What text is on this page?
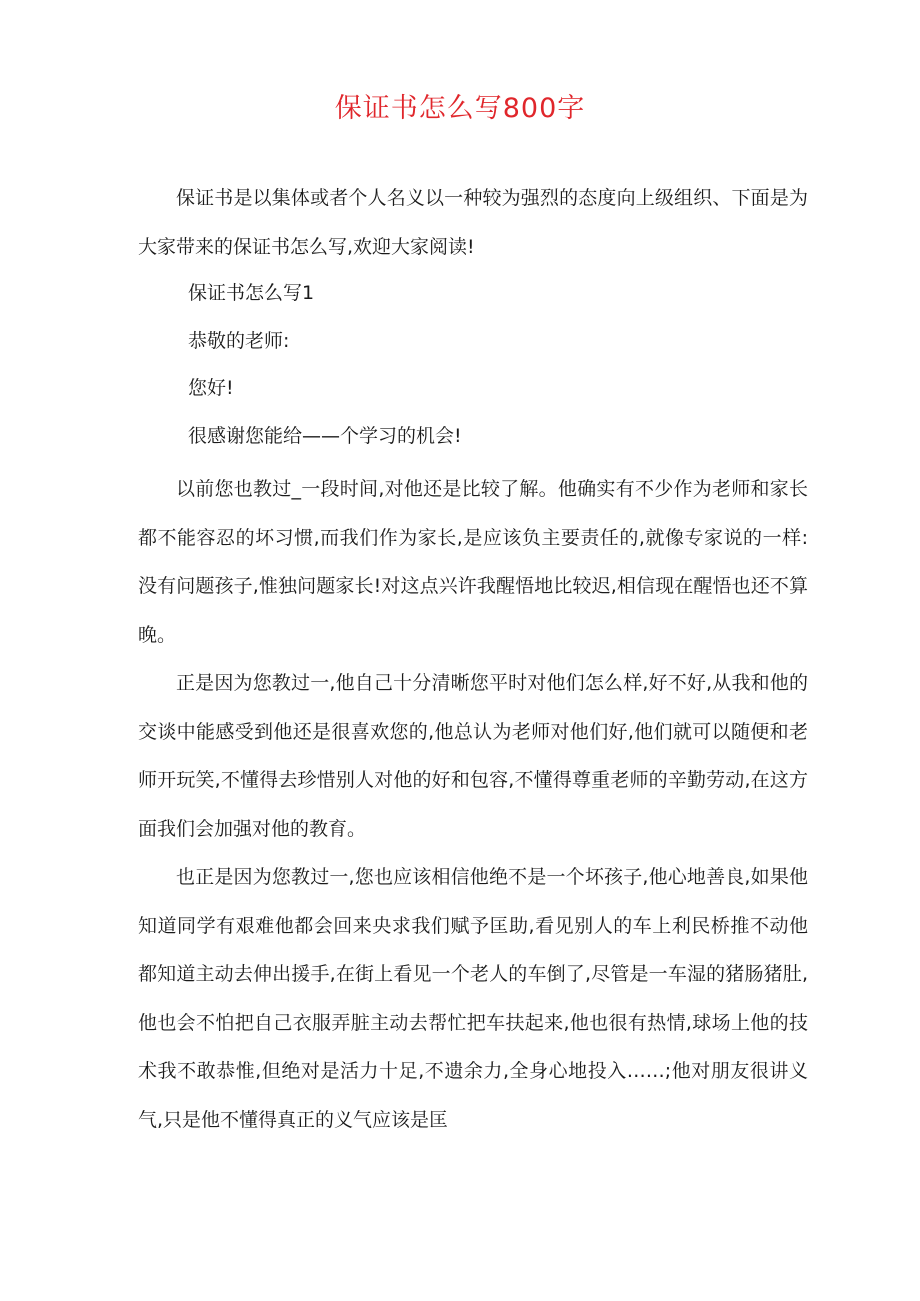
保证书怎么写800字

保证书是以集体或者个人名义以一种较为强烈的态度向上级组织、下面是为大家带来的保证书怎么写,欢迎大家阅读!

保证书怎么写1

恭敬的老师:

您好!

很感谢您能给——个学习的机会!

以前您也教过_一段时间,对他还是比较了解。他确实有不少作为老师和家长都不能容忍的坏习惯,而我们作为家长,是应该负主要责任的,就像专家说的一样:没有问题孩子,惟独问题家长!对这点兴许我醒悟地比较迟,相信现在醒悟也还不算晚。

正是因为您教过一,他自己十分清晰您平时对他们怎么样,好不好,从我和他的交谈中能感受到他还是很喜欢您的,他总认为老师对他们好,他们就可以随便和老师开玩笑,不懂得去珍惜别人对他的好和包容,不懂得尊重老师的辛勤劳动,在这方面我们会加强对他的教育。

也正是因为您教过一,您也应该相信他绝不是一个坏孩子,他心地善良,如果他知道同学有艰难他都会回来央求我们赋予匡助,看见别人的车上利民桥推不动他都知道主动去伸出援手,在街上看见一个老人的车倒了,尽管是一车湿的猪肠猪肚,他也会不怕把自己衣服弄脏主动去帮忙把车扶起来,他也很有热情,球场上他的技术我不敢恭惟,但绝对是活力十足,不遗余力,全身心地投入……;他对朋友很讲义气,只是他不懂得真正的义气应该是匡
